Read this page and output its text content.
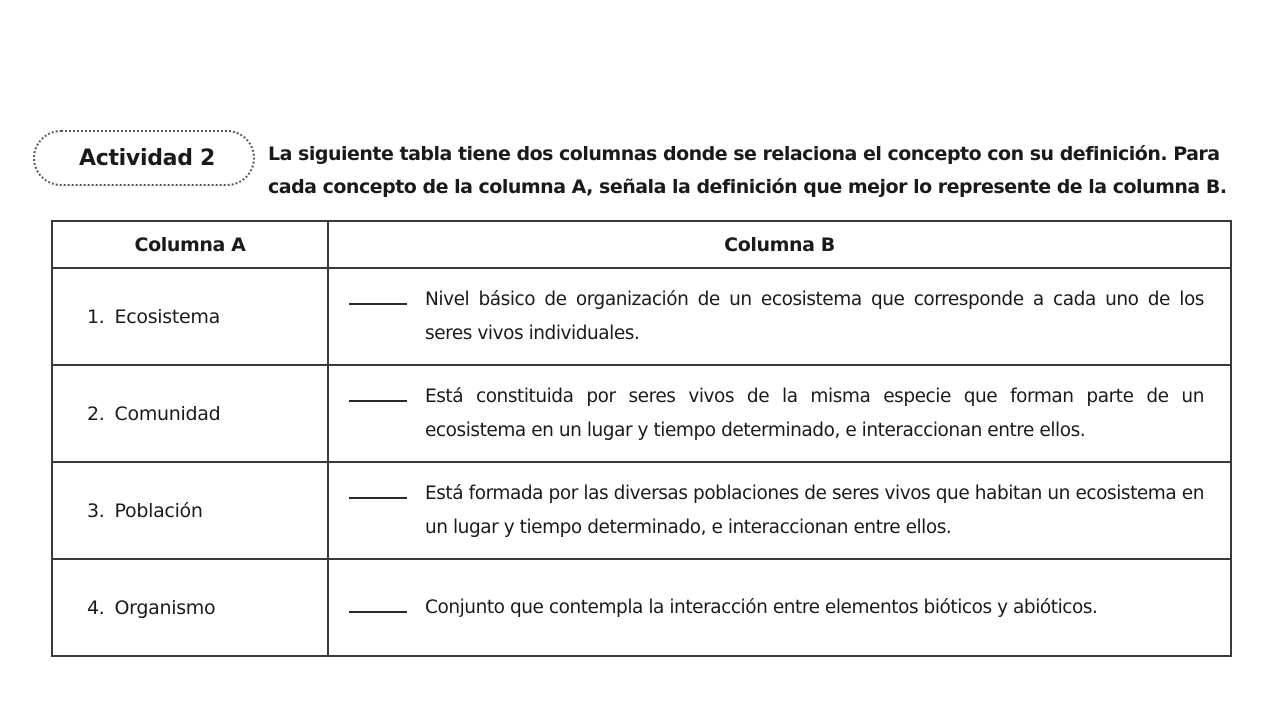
Actividad 2	La siguiente tabla tiene dos columnas donde se relaciona el concepto con su definición. Para
cada concepto de la columna A, señala la definición que mejor lo represente de la columna B.
Columna A	Columna B
1. Ecosistema	Nivel básico de organización de un ecosistema que corresponde a cada uno de los seres vivos individuales.

2. Comunidad	Está constituida por seres vivos de la misma especie que forman parte de un ecosistema en un lugar y tiempo determinado, e interaccionan entre ellos.

3. Población	Está formada por las diversas poblaciones de seres vivos que habitan un ecosistema en un lugar y tiempo determinado, e interaccionan entre ellos.

4. Organismo	Conjunto que contempla la interacción entre elementos bióticos y abióticos.
